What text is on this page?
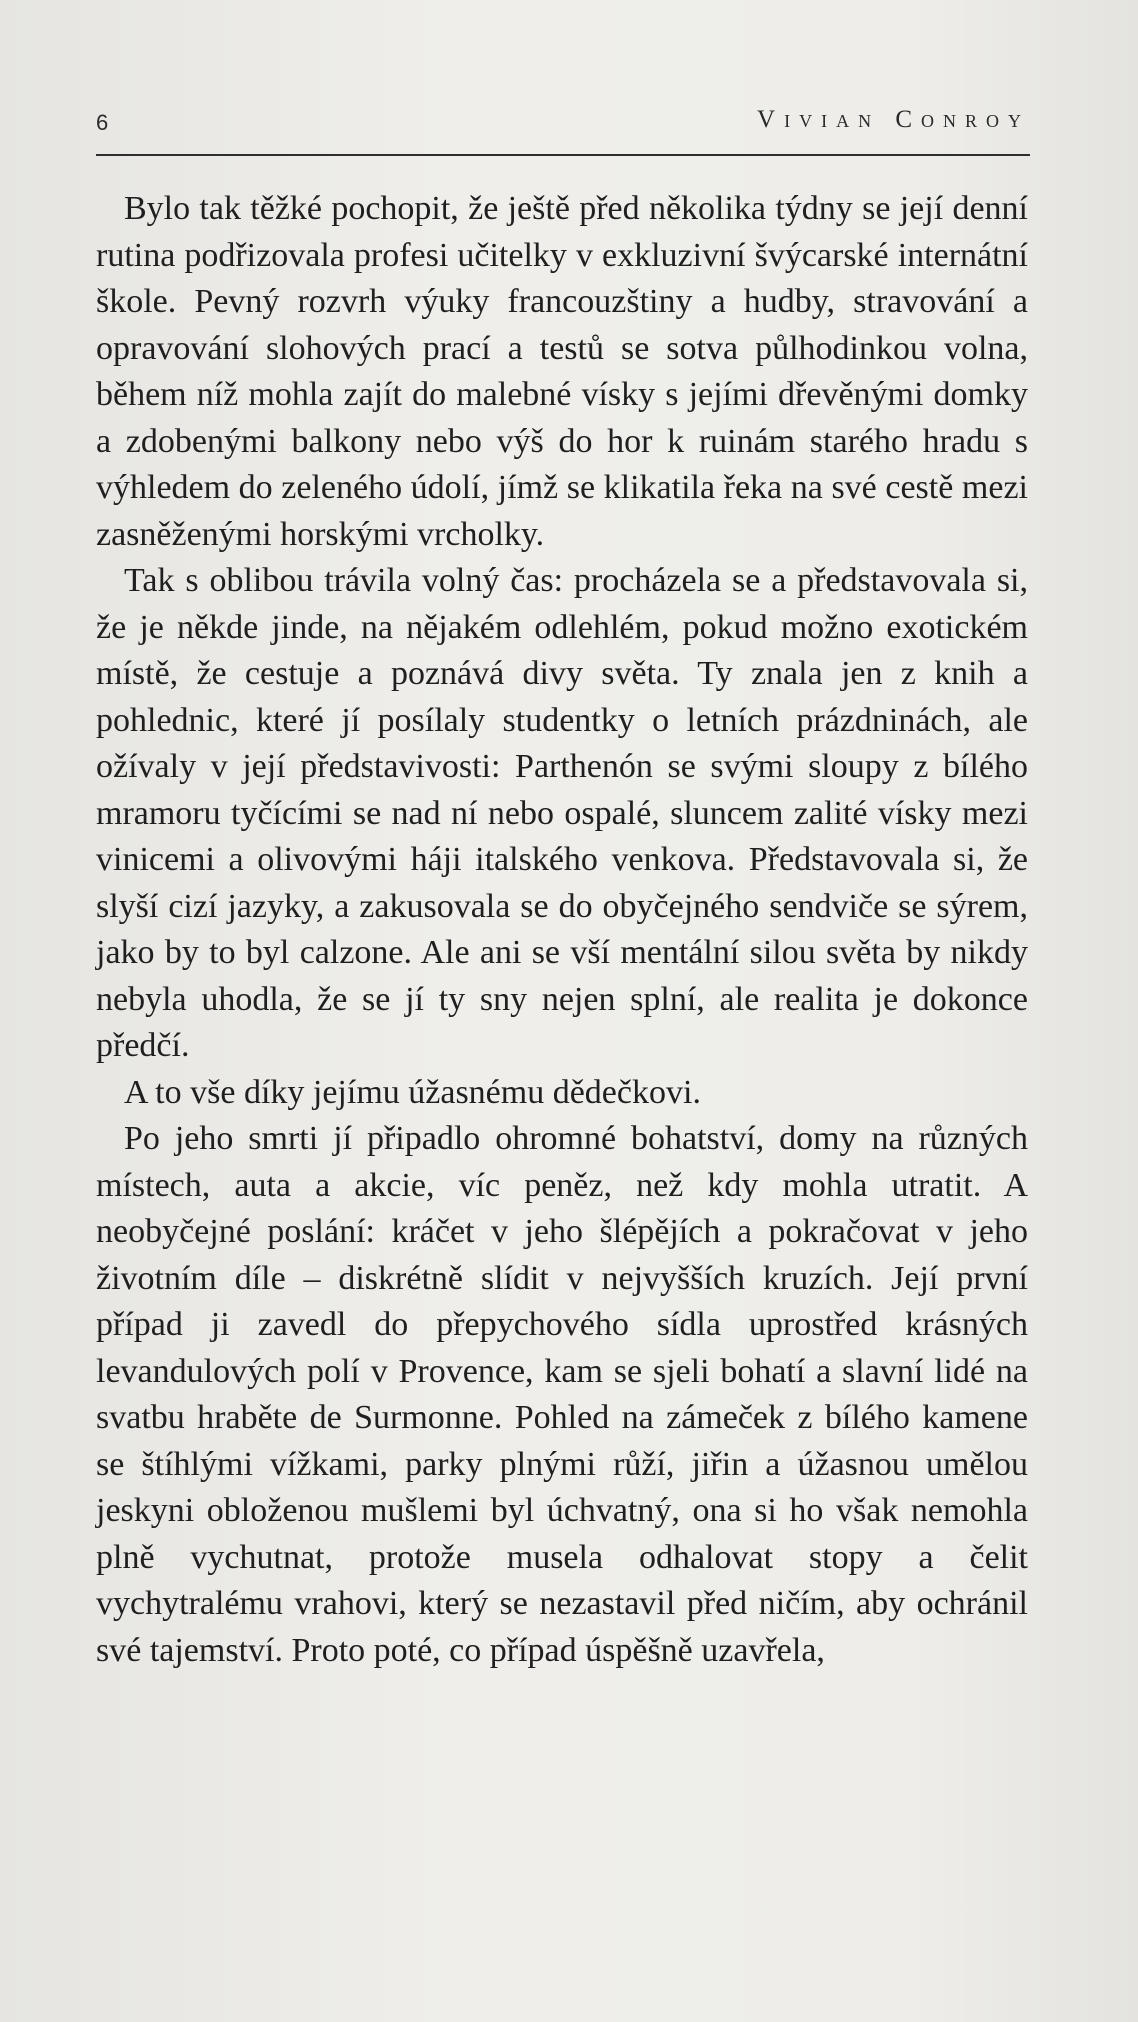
6	Vivian Conroy

Bylo tak těžké pochopit, že ještě před několika týdny se její denní rutina podřizovala profesi učitelky v exkluzivní švýcarské internátní škole. Pevný rozvrh výuky francouzštiny a hudby, stravování a opravování slohových prací a testů se sotva půlhodinkou volna, během níž mohla zajít do malebné vísky s jejími dřevěnými domky a zdobenými balkony nebo výš do hor k ruinám starého hradu s výhledem do zeleného údolí, jímž se klikatila řeka na své cestě mezi zasněženými horskými vrcholky.

Tak s oblibou trávila volný čas: procházela se a představovala si, že je někde jinde, na nějakém odlehlém, pokud možno exotickém místě, že cestuje a poznává divy světa. Ty znala jen z knih a pohlednic, které jí posílaly studentky o letních prázdninách, ale ožívaly v její představivosti: Parthenón se svými sloupy z bílého mramoru tyčícími se nad ní nebo ospalé, sluncem zalité vísky mezi vinicemi a olivovými háji italského venkova. Představovala si, že slyší cizí jazyky, a zakusovala se do obyčejného sendviče se sýrem, jako by to byl calzone. Ale ani se vší mentální silou světa by nikdy nebyla uhodla, že se jí ty sny nejen splní, ale realita je dokonce předčí.

A to vše díky jejímu úžasnému dědečkovi.

Po jeho smrti jí připadlo ohromné bohatství, domy na různých místech, auta a akcie, víc peněz, než kdy mohla utratit. A neobyčejné poslání: kráčet v jeho šlépějích a pokračovat v jeho životním díle – diskrétně slídit v nejvyšších kruzích. Její první případ ji zavedl do přepychového sídla uprostřed krásných levandulových polí v Provence, kam se sjeli bohatí a slavní lidé na svatbu hraběte de Surmonne. Pohled na zámeček z bílého kamene se štíhlými vížkami, parky plnými růží, jiřin a úžasnou umělou jeskyni obloženou mušlemi byl úchvatný, ona si ho však nemohla plně vychutnat, protože musela odhalovat stopy a čelit vychytralému vrahovi, který se nezastavil před ničím, aby ochránil své tajemství. Proto poté, co případ úspěšně uzavřela,
